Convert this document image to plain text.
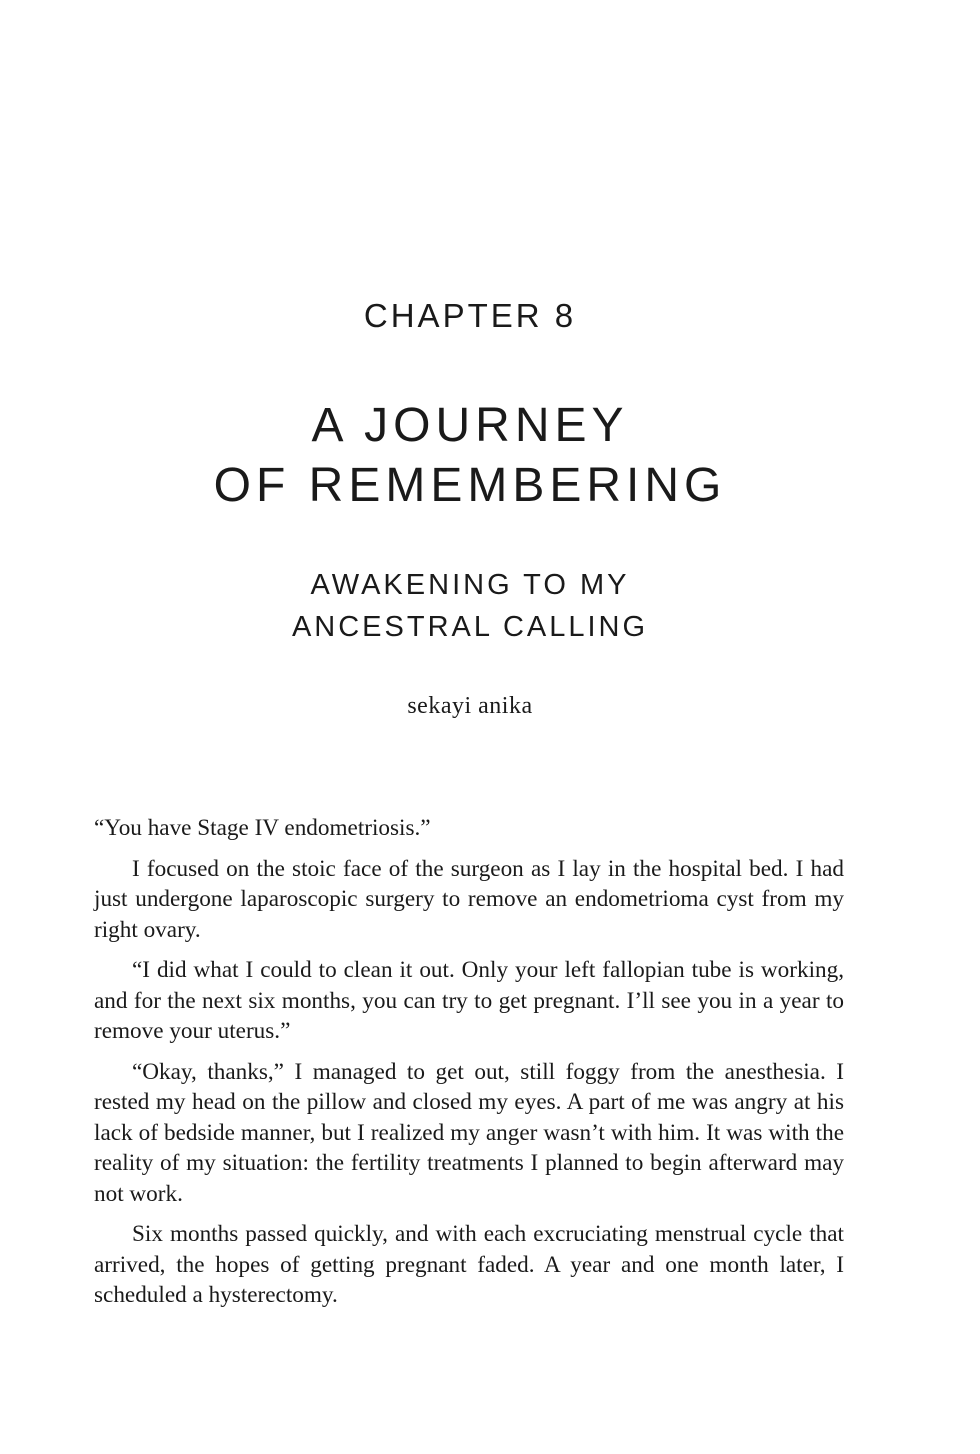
CHAPTER 8
A JOURNEY
OF REMEMBERING
AWAKENING TO MY
ANCESTRAL CALLING
sekayi anika

“You have Stage IV endometriosis.”

I focused on the stoic face of the surgeon as I lay in the hospital bed. I had just undergone laparoscopic surgery to remove an endometrioma cyst from my right ovary.

“I did what I could to clean it out. Only your left fallopian tube is working, and for the next six months, you can try to get pregnant. I’ll see you in a year to remove your uterus.”

“Okay, thanks,” I managed to get out, still foggy from the anesthesia. I rested my head on the pillow and closed my eyes. A part of me was angry at his lack of bedside manner, but I realized my anger wasn’t with him. It was with the reality of my situation: the fertility treatments I planned to begin afterward may not work.

Six months passed quickly, and with each excruciating menstrual cycle that arrived, the hopes of getting pregnant faded. A year and one month later, I scheduled a hysterectomy.
